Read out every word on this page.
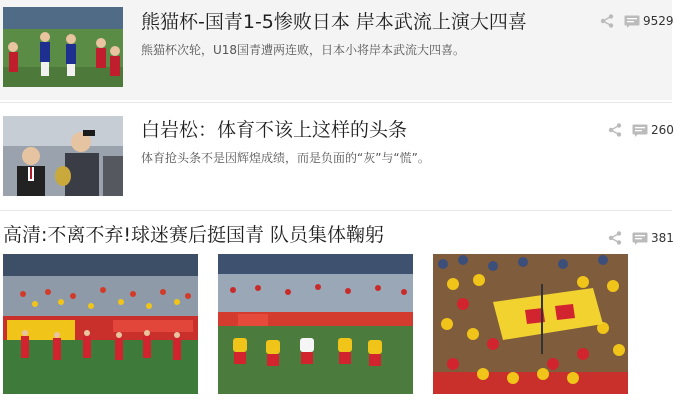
熊猫杯-国青1-5惨败日本 岸本武流上演大四喜
熊猫杯次轮，U18国青遭两连败，日本小将岸本武流大四喜。
9529
白岩松：体育不该上这样的头条
体育抢头条不是因辉煌成绩，而是负面的“灰”与“慌”。
260
高清:不离不弃!球迷赛后挺国青 队员集体鞠躬	381
